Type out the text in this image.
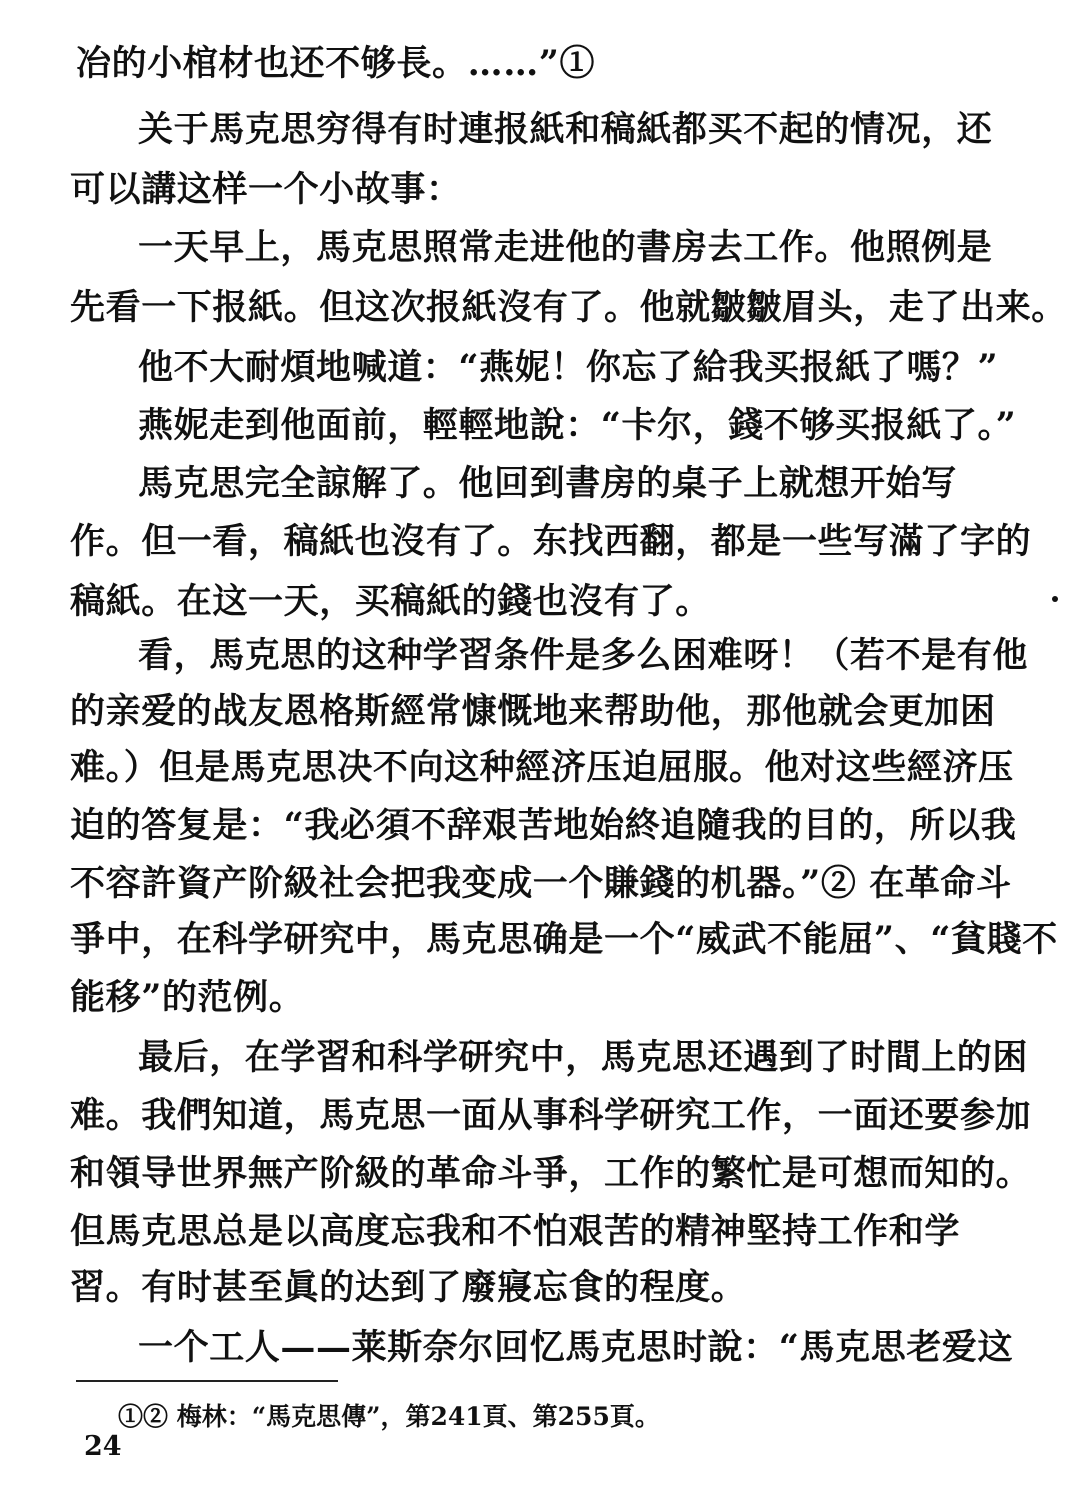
冶的小棺材也还不够長。……”①
关于馬克思穷得有时連报紙和稿紙都买不起的情况，还
可以講这样一个小故事：
一天早上，馬克思照常走进他的書房去工作。他照例是
先看一下报紙。但这次报紙沒有了。他就皺皺眉头，走了出来。
他不大耐煩地喊道：“燕妮！你忘了給我买报紙了嗎？”
燕妮走到他面前，輕輕地說：“卡尔，錢不够买报紙了。”
馬克思完全諒解了。他回到書房的桌子上就想开始写
作。但一看，稿紙也沒有了。东找西翻，都是一些写滿了字的
稿紙。在这一天，买稿紙的錢也沒有了。
看，馬克思的这种学習条件是多么困难呀！（若不是有他
的亲爱的战友恩格斯經常慷慨地来帮助他，那他就会更加困
难。）但是馬克思决不向这种經济压迫屈服。他对这些經济压
迫的答复是：“我必須不辞艰苦地始終追隨我的目的，所以我
不容許資产阶級社会把我变成一个賺錢的机器。”② 在革命斗
爭中，在科学研究中，馬克思确是一个“威武不能屈”、“貧賤不
能移”的范例。
最后，在学習和科学研究中，馬克思还遇到了时間上的困
难。我們知道，馬克思一面从事科学研究工作，一面还要参加
和領导世界無产阶級的革命斗爭，工作的繁忙是可想而知的。
但馬克思总是以高度忘我和不怕艰苦的精神堅持工作和学
習。有时甚至眞的达到了廢寢忘食的程度。
一个工人——莱斯奈尔回忆馬克思时說：“馬克思老爱这
①② 梅林：“馬克思傳”，第241頁、第255頁。
24
